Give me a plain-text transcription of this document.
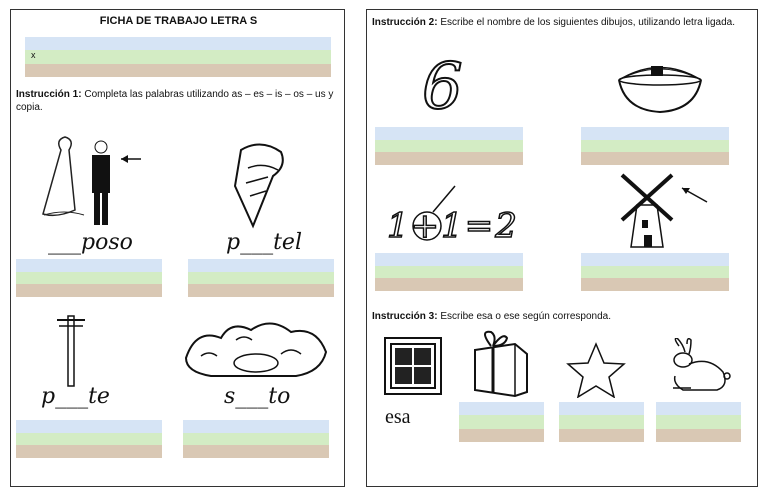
FICHA DE TRABAJO LETRA S
x
Instrucción 1: Completa las palabras utilizando as – es – is – os – us y copia.
___poso	p___tel
p___te	s___to
Instrucción 2: Escribe el nombre de los siguientes dibujos, utilizando letra ligada.
6
1+1=2
Instrucción 3: Escribe esa o ese según corresponda.
esa
